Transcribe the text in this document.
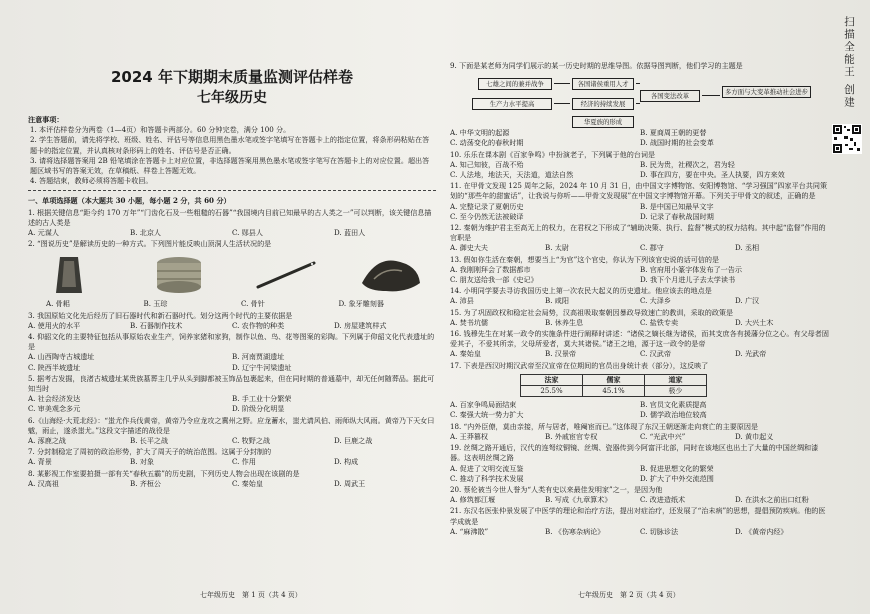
2024 年下期期末质量监测评估样卷
七年级历史
注意事项：

1. 本评估样卷分为两卷（1—4页）和答题卡两部分。60 分钟完卷，满分 100 分。

2. 学生答题前，请先将学校、班级、姓名、评估号等信息用黑色墨水笔或签字笔填写在答题卡上的指定位置，将条形码粘贴在答题卡的指定位置，并认真核对条形码上的姓名、评估号是否正确。

3. 请将选择题答案用 2B 铅笔填涂在答题卡上对应位置，非选择题答案用黑色墨水笔或签字笔写在答题卡上的对应位置。超出答题区域书写的答案无效，在草稿纸、样卷上答题无效。

4. 答题结束，教师必须将答题卡收回。

一、单项选择题（本大题共 30 小题，每小题 2 分，共 60 分）
1. 根据关键信息“距今约 170 万年”“门齿化石及一些粗糙的石器”“我国境内目前已知最早的古人类之一”可以判断，该关键信息描述的古人类是
A. 元谋人	B. 北京人	C. 郧县人	D. 蓝田人
2. “图说历史”是解读历史的一种方式。下列图片能反映山顶洞人生活状况的是
A. 骨耜	B. 玉琮	C. 骨针	D. 象牙雕刻器
3. 我国原始文化先后经历了旧石器时代和新石器时代。划分这两个时代的主要依据是
A. 使用火的水平	B. 石器制作技术	C. 农作物的种类	D. 房屋建筑样式
4. 仰韶文化的主要特征包括从事原始农业生产，饲养家猪和家狗，制作以鱼、鸟、花等图案的彩陶。下列属于仰韶文化代表遗址的是
A. 山西陶寺古城遗址	B. 河南贾湖遗址
C. 陕西半坡遗址	D. 辽宁牛河梁遗址
5. 据考古发掘，良渚古城遗址某贵族墓葬主几乎从头到脚都被玉饰品包裹起来，但在同时期的普通墓中，却无任何随葬品。据此可知当时
A. 社会经济发达	B. 手工业十分繁荣
C. 审美观念多元	D. 阶级分化明显
6.《山海经·大荒北经》：“蚩尤作兵伐黄帝，黄帝乃令应龙攻之冀州之野。应龙蓄水，蚩尤请风伯、雨师纵大风雨。黄帝乃下天女曰魃，雨止，遂杀蚩尤。”这段文字描述的战役是
A. 涿鹿之战	B. 长平之战	C. 牧野之战	D. 巨鹿之战
7. 分封制稳定了周初的政治形势，扩大了周天子的统治范围。这属于分封制的
A. 背景	B. 对象	C. 作用	D. 构成
8. 某影视工作室要拍摄一部有关“春秋五霸”的历史剧，下列历史人物会出现在该剧的是
A. 汉高祖	B. 齐桓公	C. 秦始皇	D. 周武王
9. 下面是某老师为同学们展示的某一历史时期的思维导图。依据导图判断，他们学习的主题是
七雄之间的兼并战争	各国诸侯重用人才
生产力水平提高
各国变法改革
经济的持续发展
华夏族的形成
多方面与大变革推动社会进步
A. 中华文明的起源	B. 夏商周王朝的更替
C. 动荡变化的春秋时期	D. 战国时期的社会变革
10. 乐乐在课本剧《百家争鸣》中扮演老子，下列属于他的台词是
A. 知己知彼，百战不殆	B. 民为贵，社稷次之，君为轻
C. 人法地，地法天，天法道，道法自然	D. 事在四方，要在中央。圣人执要，四方来效
11. 在甲骨文发现 125 周年之际，2024 年 10 月 31 日，由中国文字博物馆、安阳博物馆、“学习强国”四家平台共同策划的“那些年的甜蜜话”，让我说与你听——甲骨文发现展”在中国文字博物馆开幕。下列关于甲骨文的叙述，正确的是
A. 完整记录了夏朝历史	B. 是中国已知最早文字
C. 至今仍然无法被破译	D. 记录了春秋战国时期
12. 秦朝为维护君主至高无上的权力，在君权之下形成了“辅助决策、执行、监督”模式的权力结构。其中起“监督”作用的官职是
A. 御史大夫	B. 太尉	C. 郡守	D. 丞相
13. 假如你生活在秦朝，想要当上“为官”这个官史，你认为下列该官史说的话可信的是
A. 我刚刚拜会了数据都市	B. 官府用小篆字体发布了一告示
C. 朋友送给我一部《史记》	D. 我下个月进儿子去太学读书
14. 小明同学要去寻访我国历史上第一次农民大起义的历史遗址。他应该去的地点是
A. 沛县	B. 咸阳	C. 大泽乡	D. 广汉
15. 为了巩固政权和稳定社会局势，汉高祖吸取秦朝因暴政导致速亡的教训，采取的政策是
A. 焚书坑儒	B. 休养生息	C. 盐铁专卖	D. 大兴土木
16. 钱穆先生在对某一政令的实施条件进行阐释时讲述：“诸侯之嫡长继为诸侯，而其支庶各有援藩分位之心。有父母者固爱其子，不爱其所亲，父母所爱者，莫大其诸侯。”诸王之地，源于这一政令的是帝
A. 秦始皇	B. 汉景帝	C. 汉武帝	D. 光武帝
17. 下表是西汉时期汉武帝至汉宣帝在位期间的官员出身统计表（部分），这反映了
法家	儒家	道家
25.5%	45.1%	极少
A. 百家争鸣局面结束	B. 官员文化素质提高
C. 秦强大统一势力扩大	D. 儒学政治地位较高
18. “内外臣僚，莫由亲接，所与居者，唯阉宦而已。”这体现了东汉王朝逐渐走向衰亡的主要原因是
A. 王莽篡权	B. 外戚宦官专权	C. “光武中兴”	D. 黄巾起义
19. 丝绸之路开通后，汉代的连弩纹铜镜、丝绸、瓷器传到今阿富汗北部，同时在该地区也出土了大量的中国丝绸和漆器。这表明丝绸之路
A. 促进了文明交流互鉴	B. 促进思想文化的繁荣
C. 推动了科学技术发展	D. 扩大了中外交流范围
20. 蔡伦被当今世人誉为“人类有史以来最佳发明家”之一，是因为他
A. 修筑都江堰	B. 写成《九章算术》	C. 改进造纸术	D. 在洪水之前出口红粉
21. 东汉名医张仲景发展了中医学的理论和治疗方法，提出对症治疗，还发展了“治未病”的思想，提倡预防疾病。他的医学成就是
A. “麻沸散”	B. 《伤寒杂病论》	C. 切脉诊法	D. 《黄帝内经》
七年级历史　第 1 页（共 4 页）	七年级历史　第 2 页（共 4 页）
扫描全能王 创建
